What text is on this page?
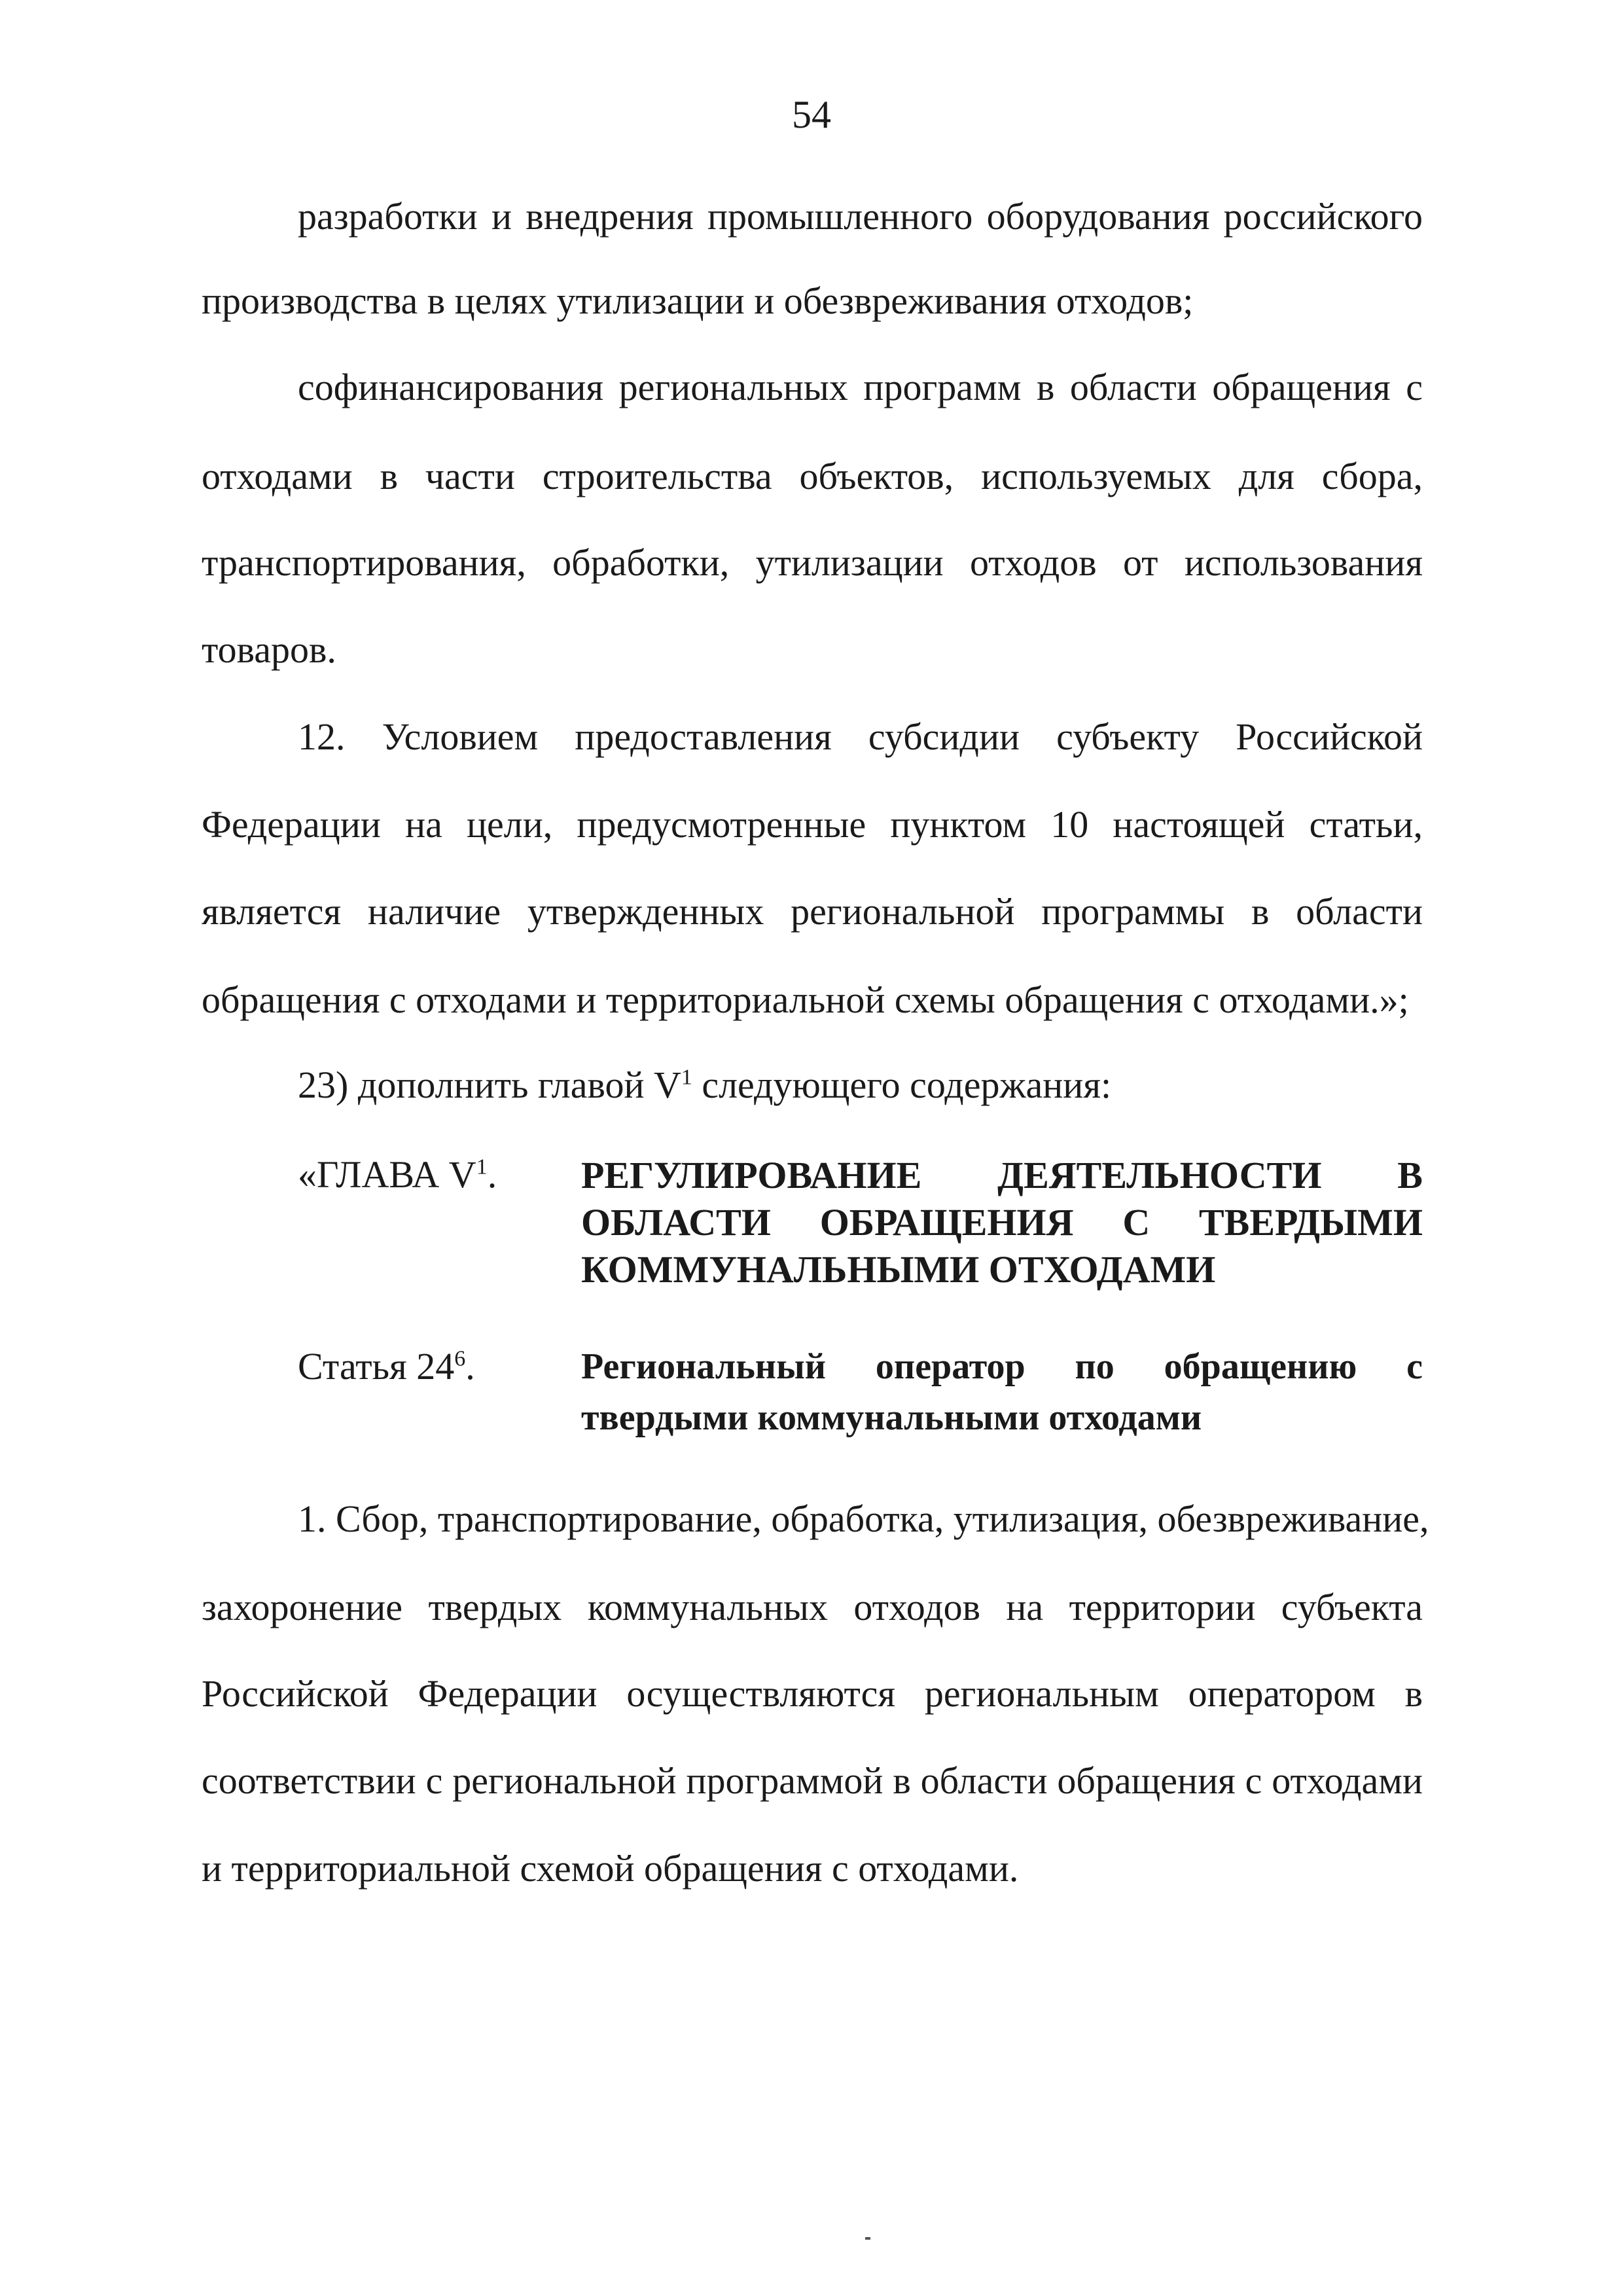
54
разработки и внедрения промышленного оборудования российского
производства в целях утилизации и обезвреживания отходов;
софинансирования региональных программ в области обращения с
отходами в части строительства объектов, используемых для сбора,
транспортирования, обработки, утилизации отходов от использования
товаров.
12. Условием предоставления субсидии субъекту Российской
Федерации на цели, предусмотренные пунктом 10 настоящей статьи,
является наличие утвержденных региональной программы в области
обращения с отходами и территориальной схемы обращения с отходами.»;
23) дополнить главой $V^1$ следующего содержания:
«ГЛАВА $V^1$. РЕГУЛИРОВАНИЕ ДЕЯТЕЛЬНОСТИ В
ОБЛАСТИ ОБРАЩЕНИЯ С ТВЕРДЫМИ
КОММУНАЛЬНЫМИ ОТХОДАМИ
Статья $24^6$.	Региональный оператор по обращению с
твердыми коммунальными отходами
1. Сбор, транспортирование, обработка, утилизация, обезвреживание,
захоронение твердых коммунальных отходов на территории субъекта
Российской Федерации осуществляются региональным оператором в
соответствии с региональной программой в области обращения с отходами
и территориальной схемой обращения с отходами.
